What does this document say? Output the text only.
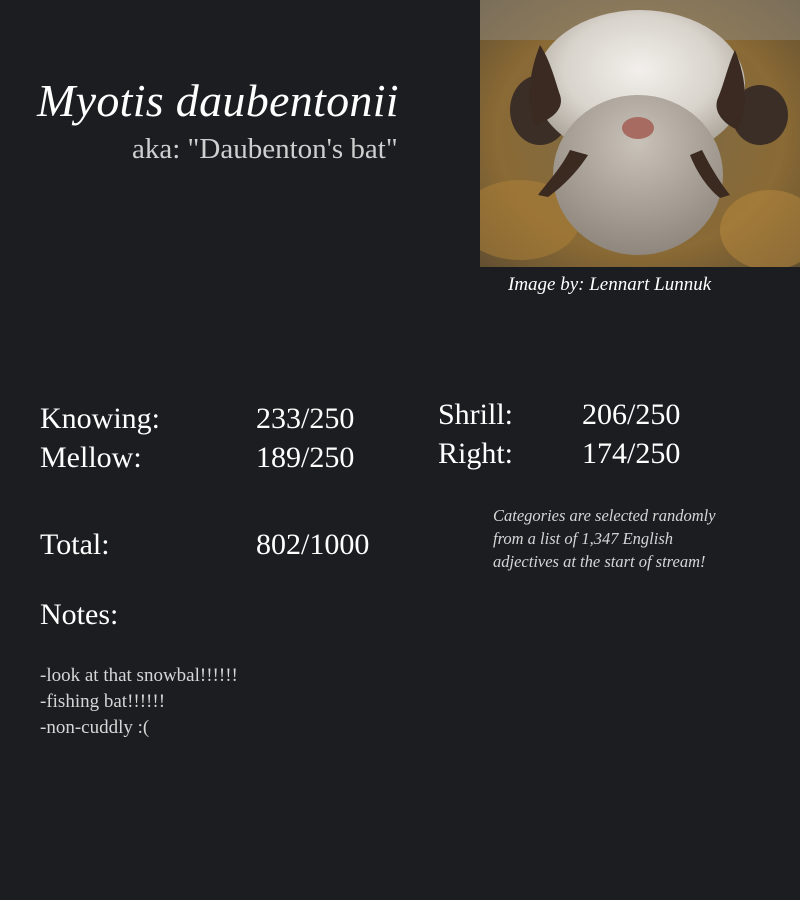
Myotis daubentonii
aka: "Daubenton's bat"
Image by: Lennart Lunnuk
Knowing:	233/250
Mellow:	189/250
Shrill: 206/250
Right: 174/250
Total:	802/1000
Categories are selected randomly
from a list of 1,347 English
adjectives at the start of stream!
Notes:
-look at that snowbal!!!!!!
-fishing bat!!!!!!
-non-cuddly :(
